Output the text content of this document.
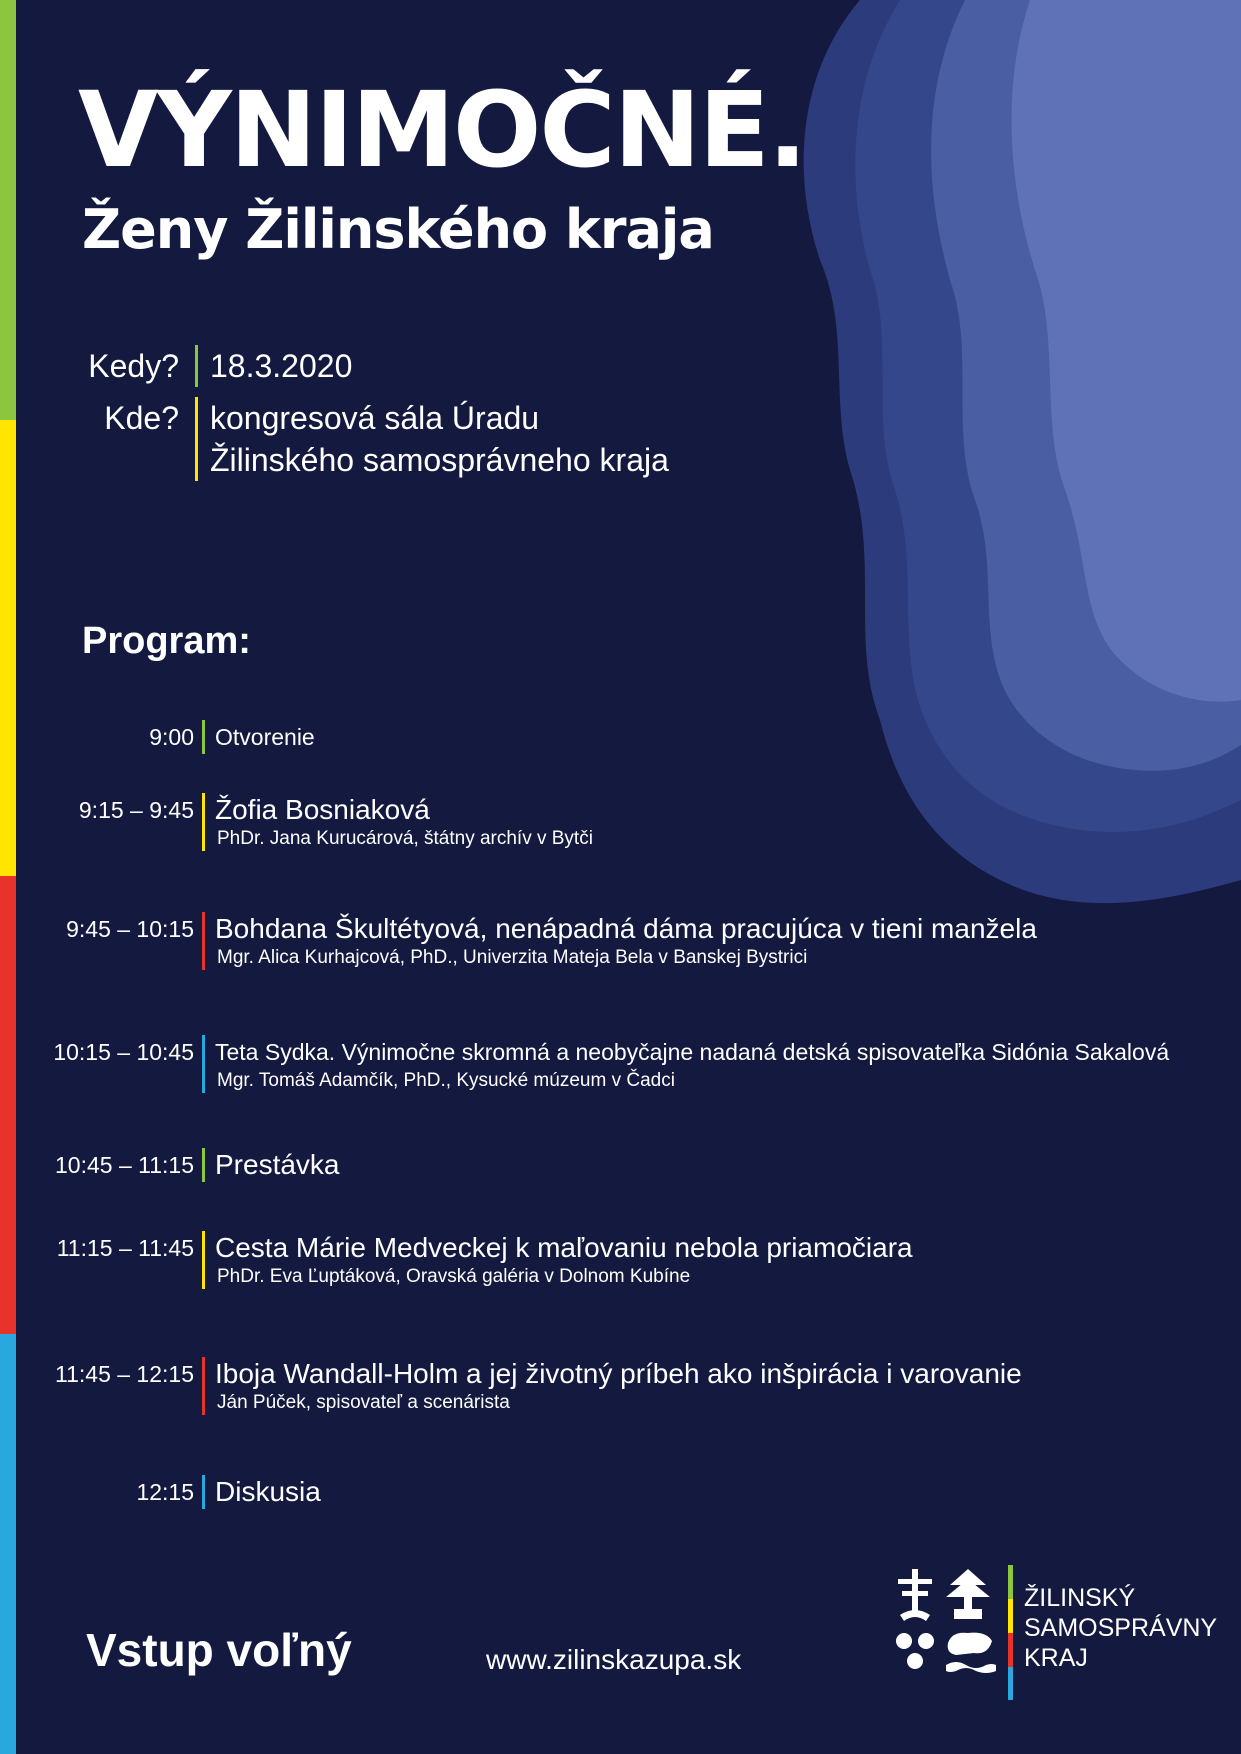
VÝNIMOČNÉ.
Ženy Žilinského kraja
Kedy? 18.3.2020
Kde? kongresová sála Úradu
Žilinského samosprávneho kraja
Program:
9:00 Otvorenie
9:15 – 9:45 Žofia Bosniaková
PhDr. Jana Kurucárová, štátny archív v Bytči
9:45 – 10:15 Bohdana Škultétyová, nenápadná dáma pracujúca v tieni manžela
Mgr. Alica Kurhajcová, PhD., Univerzita Mateja Bela v Banskej Bystrici
10:15 – 10:45 Teta Sydka. Výnimočne skromná a neobyčajne nadaná detská spisovateľka Sidónia Sakalová
Mgr. Tomáš Adamčík, PhD., Kysucké múzeum v Čadci
10:45 – 11:15 Prestávka
11:15 – 11:45 Cesta Márie Medveckej k maľovaniu nebola priamočiara
PhDr. Eva Ľuptáková, Oravská galéria v Dolnom Kubíne
11:45 – 12:15 Iboja Wandall-Holm a jej životný príbeh ako inšpirácia i varovanie
Ján Púček, spisovateľ a scenárista
12:15 Diskusia

Vstup voľný	www.zilinskazupa.sk
ŽILINSKÝ
SAMOSPRÁVNY
KRAJ
